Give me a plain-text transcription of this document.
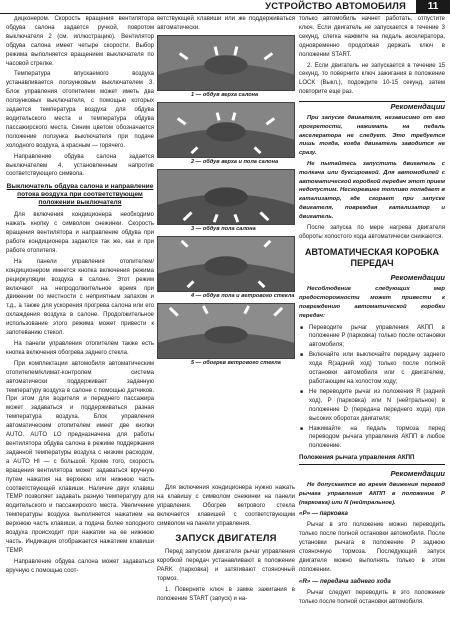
УСТРОЙСТВО АВТОМОБИЛЯ	11

дицконером. Скорость вращения вентилятора обдува салона задается ручкой, повротом выключателя 2 (см. иллюстрацию). Вентилятор обдува салона имеет четыре скорости. Выбор режима выполняется вращением выключателя по часовой стрелке.

Температура впускаемого воздуха устанавливается ползунковым выключателем 3. Блок управления отопителем может иметь два ползунковых выключателя, с помощью которых задается температура воздуха для обдува водительского места и температура обдува пассажирского места. Синим цветом обозначается положение ползунка выключателя при подаче холодного воздуха, а красным — горячего.

Направление обдува салона задается выключателем 4, установленным напротив соответствующего символа.

Выключатель обдува салона и направление потока воздуха при соответствующем положении выключателя

Для включения кондиционера необходимо нажать кнопку с символом снежинки. Скорость вращения вентилятора и направление обдува при работе кондиционера задаются так же, как и при работе отопителя.

На панели управления отопителем/кондиционером имеется кнопка включения режима рециркуляции воздуха в салоне. Этот режим включают на непродолжительное время при движении по местности с неприятным запахом и т.д., а также для ускорения прогрева салона или его охлаждения воздуха в салоне. Продолжительное использование этого режима может привести к запотеванию стекол.

На панели управления отопителем также есть кнопка включения обогрева заднего стекла.

При комплектации автомобиля автоматическим отопителем/климат-контролем система автоматически поддерживает заданную температуру воздуха в салоне с помощью датчиков. При этом для водителя и переднего пассажира может задаваться и поддерживаться разная температура воздуха. Блок управления автоматическим отопителем имеет две кнопки AUTO. AUTO LO предназначена для работы вентилятора обдува салона в режиме поддержания заданной температуры воздуха с низким расходом, а AUTO HI — с большой. Кроме того, скорость вращения вентилятора может задаваться вручную путем нажатия на верхнюю или нижнюю часть соответствующей клавиши. Наличие двух клавиш TEMP позволяет задавать разную температуру для водительского и пассажирского места. Увеличение температуры воздуха выполняется нажатием на верхнюю часть клавиши, а подача более холодного воздуха происходит при нажатии на ее нижнюю часть. Индикация отображается нажатием клавиши TEMP.

Направление обдува салона может задаваться вручную с помощью соот-

ветствующей клавиши или же поддерживаться автоматически.

1 — обдув верха салона
2 — обдув верха и пола салона
3 — обдув пола салона
4 — обдув пола и ветрового стекла
5 — обогрев ветрового стекла

Для включения кондиционера нужно нажать на клавишу с символом снежинки на панели управления. Обогрев ветрового стекла включается клавишей с соответствующим символом на панели управления.

ЗАПУСК ДВИГАТЕЛЯ

Перед запуском двигателя рычаг управления коробкой передач устанавливают в положение PARK (парковка) и затягивают стояночный тормоз.

1. Поверните ключ в замке зажигания в положение START (запуск) и на-

только автомобиль начнет работать, отпустите ключ. Если двигатель не запускается в течение 3 секунд, слегка нажмите на педаль акселератора, одновременно продолжая держать ключ в положении START.

2. Если двигатель не запускается в течение 15 секунд, то поверните ключ зажигания в положение LOCK (Выкл.), подождите 10-15 секунд, затем повторите еще раз.

Рекомендации

При запуске двигателя, независимо от его прогретости, нажимать на педаль акселератора не следует. Это требуется лишь тогда, когда двигатель заводится не сразу.

Не пытайтесь запустить двигатель с толкача или буксировкой. Для автомобилей с автоматической коробкой передач этот прием недопустим. Несгоревшее топливо попадает в катализатор, где сгорает при запуске двигателя, повреждая катализатор и двигатель.

После запуска по мере нагрева двигателя обороты холостого хода автоматически снижаются.

АВТОМАТИЧЕСКАЯ КОРОБКА ПЕРЕДАЧ
Рекомендации

Несоблюдение следующих мер предосторожности может привести к повреждению автоматической коробки передач:

■ Переводите рычаг управления АКПП в положение P (парковка) только после остановки автомобиля;
■ Включайте или выключайте передачу заднего хода R(задний ход) только после полной остановки автомобиля или с двигателем, работающим на холостом ходу;
■ Не переводите рычаг из положения R (задний ход), P (парковка) или N (нейтральное) в положение D (передача переднего хода) при высоких оборотах двигателя;
■ Нажимайте на педаль тормоза перед переводом рычага управления АКПП в любое положение.
Положения рычага управления АКПП
Рекомендации

Не допускается во время движения перевод рычага управления АКПП в положение P (парковка) или N (нейтральное).

«P» — парковка

Рычаг в это положение можно переводить только после полной остановки автомобиля. После установки рычага в положение P заднюю стояночную тормоза. Последующий запуск двигателя можно выполнять только в этом положении.

«R» — передача заднего хода

Рычаг следует переводить в это положение только после полной остановки автомобиля.
